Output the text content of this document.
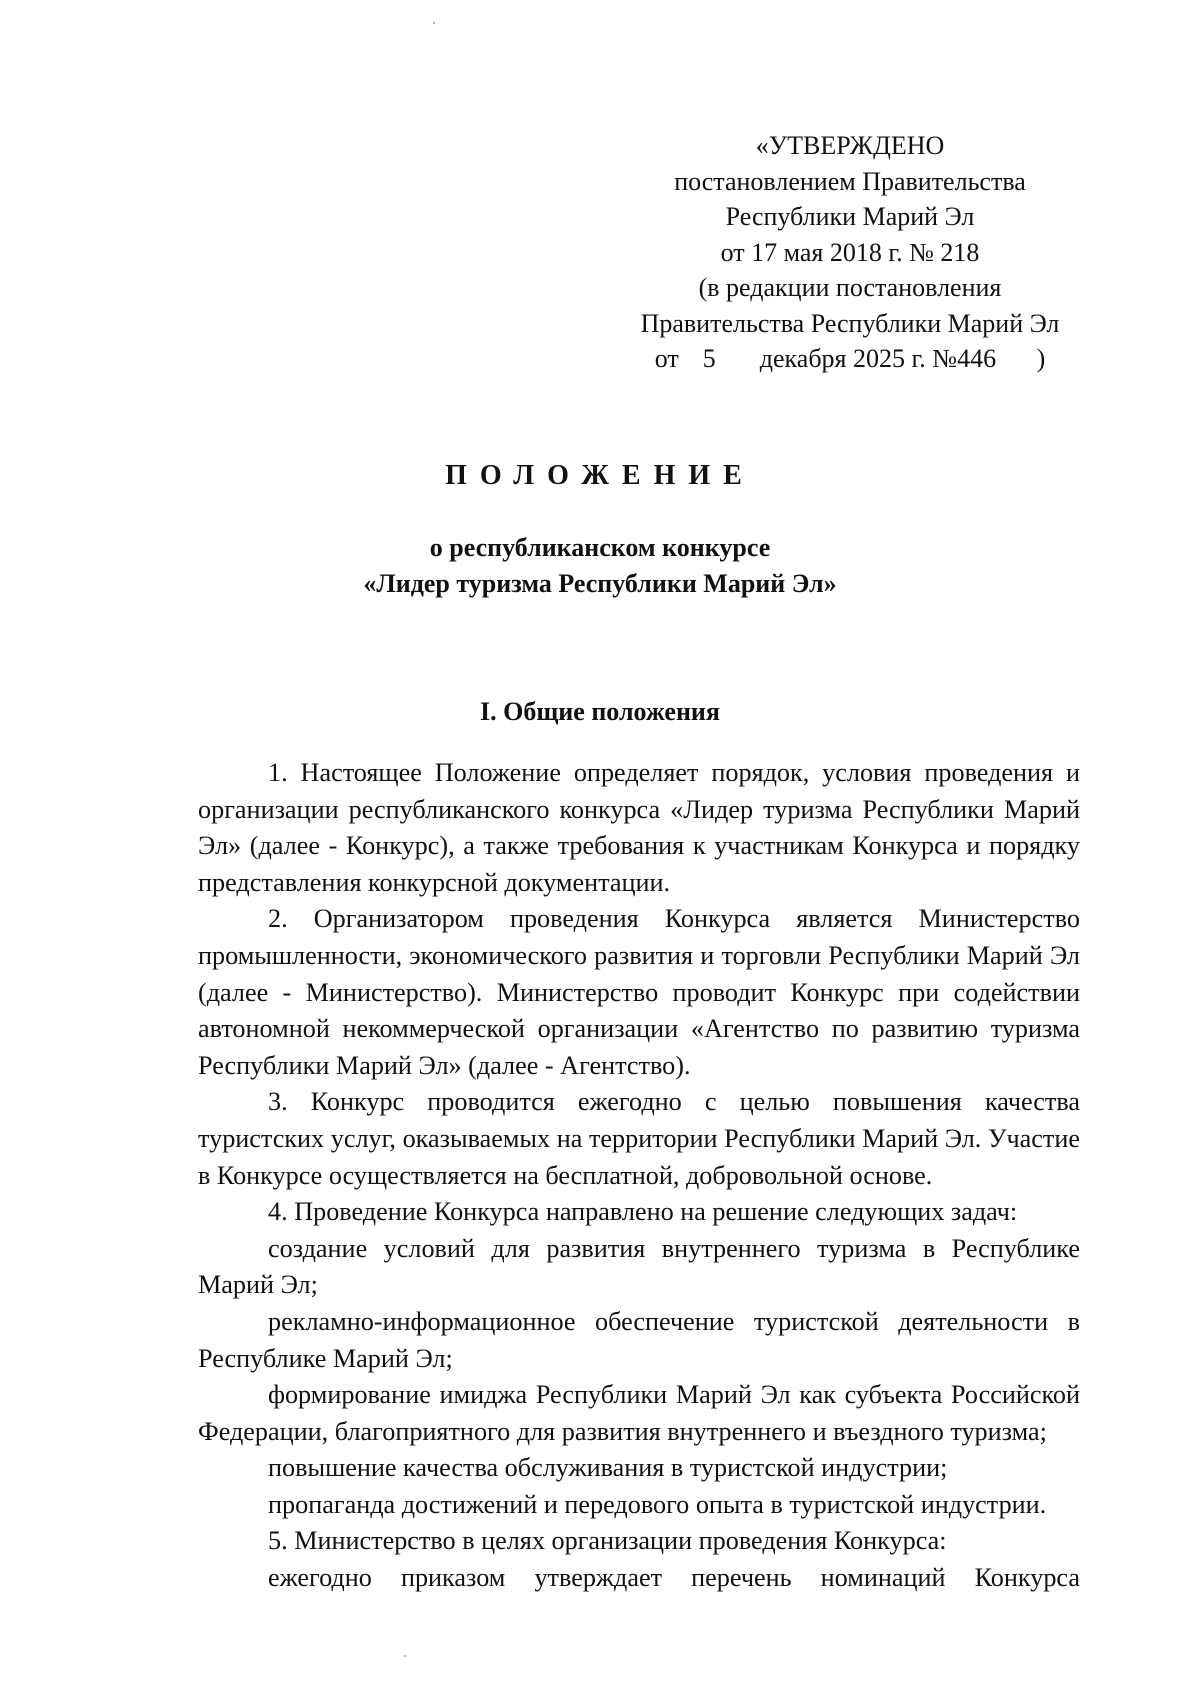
«УТВЕРЖДЕНО
постановлением Правительства
Республики Марий Эл
от 17 мая 2018 г. № 218
(в редакции постановления
Правительства Республики Марий Эл
от 5 декабря 2025 г. №446 )
ПОЛОЖЕНИЕ
о республиканском конкурсе
«Лидер туризма Республики Марий Эл»
I. Общие положения

1. Настоящее Положение определяет порядок, условия проведения и организации республиканского конкурса «Лидер туризма Республики Марий Эл» (далее - Конкурс), а также требования к участникам Конкурса и порядку представления конкурсной документации.

2. Организатором проведения Конкурса является Министерство промышленности, экономического развития и торговли Республики Марий Эл (далее - Министерство). Министерство проводит Конкурс при содействии автономной некоммерческой организации «Агентство по развитию туризма Республики Марий Эл» (далее - Агентство).

3. Конкурс проводится ежегодно с целью повышения качества туристских услуг, оказываемых на территории Республики Марий Эл. Участие в Конкурсе осуществляется на бесплатной, добровольной основе.

4. Проведение Конкурса направлено на решение следующих задач:

создание условий для развития внутреннего туризма в Республике Марий Эл;

рекламно-информационное обеспечение туристской деятельности в Республике Марий Эл;

формирование имиджа Республики Марий Эл как субъекта Российской Федерации, благоприятного для развития внутреннего и въездного туризма;

повышение качества обслуживания в туристской индустрии;

пропаганда достижений и передового опыта в туристской индустрии.

5. Министерство в целях организации проведения Конкурса:

ежегодно приказом утверждает перечень номинаций Конкурса
